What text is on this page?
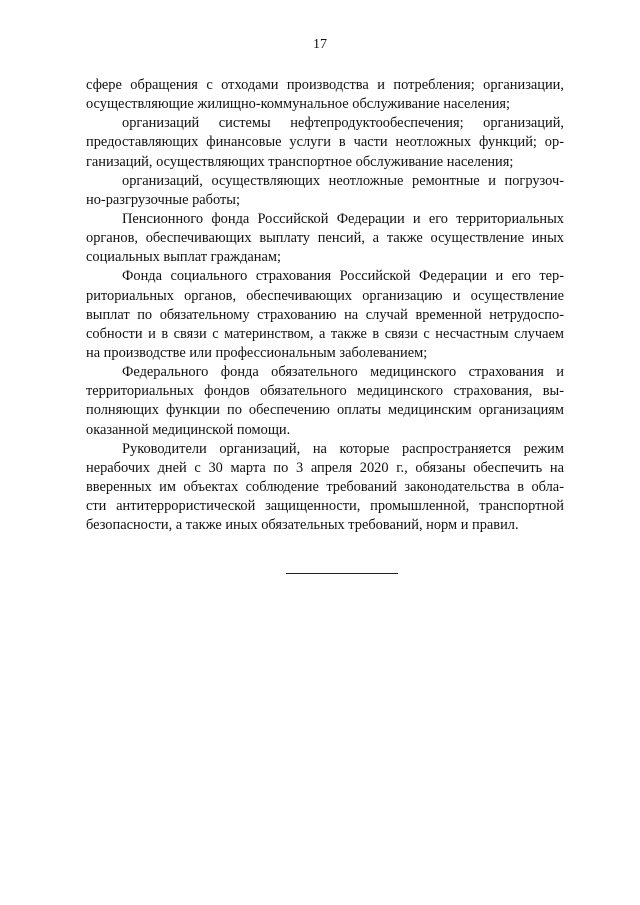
17
сфере обращения с отходами производства и потребления; организации,
осуществляющие жилищно-коммунальное обслуживание населения;
организаций системы нефтепродуктообеспечения; организаций,
предоставляющих финансовые услуги в части неотложных функций; ор-
ганизаций, осуществляющих транспортное обслуживание населения;
организаций, осуществляющих неотложные ремонтные и погрузоч-
но-разгрузочные работы;
Пенсионного фонда Российской Федерации и его территориальных
органов, обеспечивающих выплату пенсий, а также осуществление иных
социальных выплат гражданам;
Фонда социального страхования Российской Федерации и его тер-
риториальных органов, обеспечивающих организацию и осуществление
выплат по обязательному страхованию на случай временной нетрудоспо-
собности и в связи с материнством, а также в связи с несчастным случаем
на производстве или профессиональным заболеванием;
Федерального фонда обязательного медицинского страхования и
территориальных фондов обязательного медицинского страхования, вы-
полняющих функции по обеспечению оплаты медицинским организациям
оказанной медицинской помощи.
Руководители организаций, на которые распространяется режим
нерабочих дней с 30 марта по 3 апреля 2020 г., обязаны обеспечить на
вверенных им объектах соблюдение требований законодательства в обла-
сти антитеррористической защищенности, промышленной, транспортной
безопасности, а также иных обязательных требований, норм и правил.
